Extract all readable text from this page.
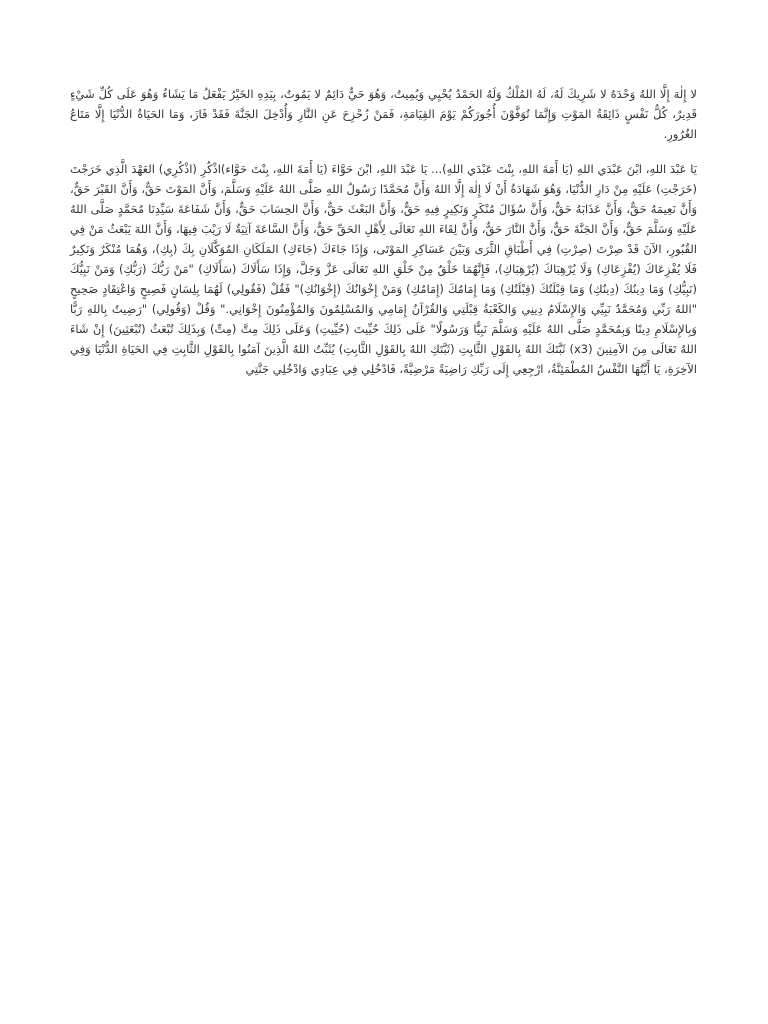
لا إِلٰهَ إِلَّا اللهُ وَحْدَهُ لا شَرِيكَ لَهُ، لَهُ المُلْكُ وَلَهُ الحَمْدُ يُحْيِي وَيُمِيتُ، وَهُوَ حَيٌّ دَائِمٌ لا يَمُوتُ، بِيَدِهِ الخَيْرُ يَفْعَلُ مَا يَشَاءُ وَهُوَ عَلَى كُلِّ شَيْءٍ قَدِيرٌ، كُلُّ نَفْسٍ ذَائِقَةُ المَوْتِ وَإِنَّمَا تُوَفَّوْنَ أُجُورَكُمْ يَوْمَ القِيَامَةِ، فَمَنْ زُحْزِحَ عَنِ النَّارِ وَأُدْخِلَ الجَنَّةَ فَقَدْ فَازَ، وَمَا الحَيَاةُ الدُّنْيَا إِلَّا مَتَاعُ الغُرُورِ.

يَا عَبْدَ اللهِ، ابْنَ عَبْدَي اللهِ (يَا أَمَةَ اللهِ، بِنْتَ عَبْدَي اللهِ)... يَا عَبْدَ اللهِ، ابْنَ حَوَّاءَ (يَا أَمَةَ اللهِ، بِنْتَ حَوَّاء)اذْكُرِ (اذْكُرِي) العَهْدَ الَّذِي خَرَجْتَ (خَرَجْتِ) عَلَيْهِ مِنْ دَارِ الدُّنْيَا، وَهُوَ شَهَادَةُ أَنْ لَا إِلٰهَ إِلَّا اللهُ وَأَنَّ مُحَمَّدًا رَسُولُ اللهِ صَلَّى اللهُ عَلَيْهِ وَسَلَّمَ، وَأَنَّ المَوْتَ حَقٌّ، وَأَنَّ القَبْرَ حَقٌّ، وَأَنَّ نَعِيمَهُ حَقٌّ، وَأَنَّ عَذَابَهُ حَقٌّ، وَأَنَّ سُؤَالَ مُنْكَرٍ وَنَكِيرٍ فِيهِ حَقٌّ، وَأَنَّ البَعْثَ حَقٌّ، وَأَنَّ الحِسَابَ حَقٌّ، وَأَنَّ شَفَاعَةَ سَيِّدِنَا مُحَمَّدٍ صَلَّى اللهُ عَلَيْهِ وَسَلَّمَ حَقٌّ، وَأَنَّ الجَنَّةَ حَقٌّ، وَأَنَّ النَّارَ حَقٌّ، وَأَنَّ لِقَاءَ اللهِ تَعَالَى لِأَهْلِ الحَقِّ حَقٌّ، وَأَنَّ السَّاعَةَ آتِيَةٌ لَا رَيْبَ فِيهَا، وَأَنَّ اللهَ يَبْعَثُ مَنْ فِي القُبُورِ، الآنَ قَدْ صِرْتَ (صِرْتِ) فِي أَطْبَاقِ الثَّرَى وَبَيْنَ عَسَاكِرِ المَوْتَى، وَإِذَا جَاءَكَ (جَاءَكِ) المَلَكَانِ المُوَكَّلَانِ بِكَ (بِكِ)، وَهُمَا مُنْكَرٌ وَنَكِيرٌ فَلَا يُفْزِعَاكَ (يُفْزِعَاكِ) وَلَا يُرْهِبَاكَ (يُرْهِبَاكِ)، فَإِنَّهُمَا خَلْقٌ مِنْ خَلْقِ اللهِ تَعَالَى عَزَّ وَجَلَّ، وَإِذَا سَأَلَاكَ (سَأَلَاكِ) "مَنْ رَبُّكَ (رَبُّكِ) وَمَنْ نَبِيُّكَ (نَبِيُّكِ) وَمَا دِينُكَ (دِينُكِ) وَمَا قِبْلَتُكَ (قِبْلَتُكِ) وَمَا إِمَامُكَ (إِمَامُكِ) وَمَنْ إِخْوَانُكَ (إِخْوَانُكِ)" فَقُلْ (فَقُولِي) لَهُمَا بِلِسَانٍ فَصِيحٍ وَاعْتِقَادٍ صَحِيحٍ "اللهُ رَبِّي وَمُحَمَّدٌ نَبِيِّي وَالإِسْلَامُ دِينِي وَالكَعْبَةُ قِبْلَتِي وَالقُرْآنُ إِمَامِي وَالمُسْلِمُونَ وَالمُؤْمِنُونَ إِخْوَانِي." وَقُلْ (وَقُولِي) "رَضِيتُ بِاللهِ رَبًّا وَبِالإِسْلَامِ دِينًا وَبِمُحَمَّدٍ صَلَّى اللهُ عَلَيْهِ وَسَلَّمَ نَبِيًّا وَرَسُولًا" عَلَى ذَلِكَ حُيِّيتَ (حُيِّيتِ) وَعَلَى ذَلِكَ مِتَّ (مِتِّ) وَبِذَلِكَ تُبْعَثُ (تُبْعَثِينَ) إِنْ شَاءَ اللهُ تَعَالَى مِنَ الآمِنِينَ (x3) ثَبَّتَكَ اللهُ بِالقَوْلِ الثَّابِتِ (ثَبَّتَكِ اللهُ بِالقَوْلِ الثَّابِتِ) يُثَبِّتُ اللهُ الَّذِينَ آمَنُوا بِالقَوْلِ الثَّابِتِ فِي الحَيَاةِ الدُّنْيَا وَفِي الآخِرَةِ، يَا أَيَّتُهَا النَّفْسُ المُطْمَئِنَّةُ، ارْجِعِي إِلَى رَبِّكِ رَاضِيَةً مَرْضِيَّةً، فَادْخُلِي فِي عِبَادِي وَادْخُلِي جَنَّتِي
